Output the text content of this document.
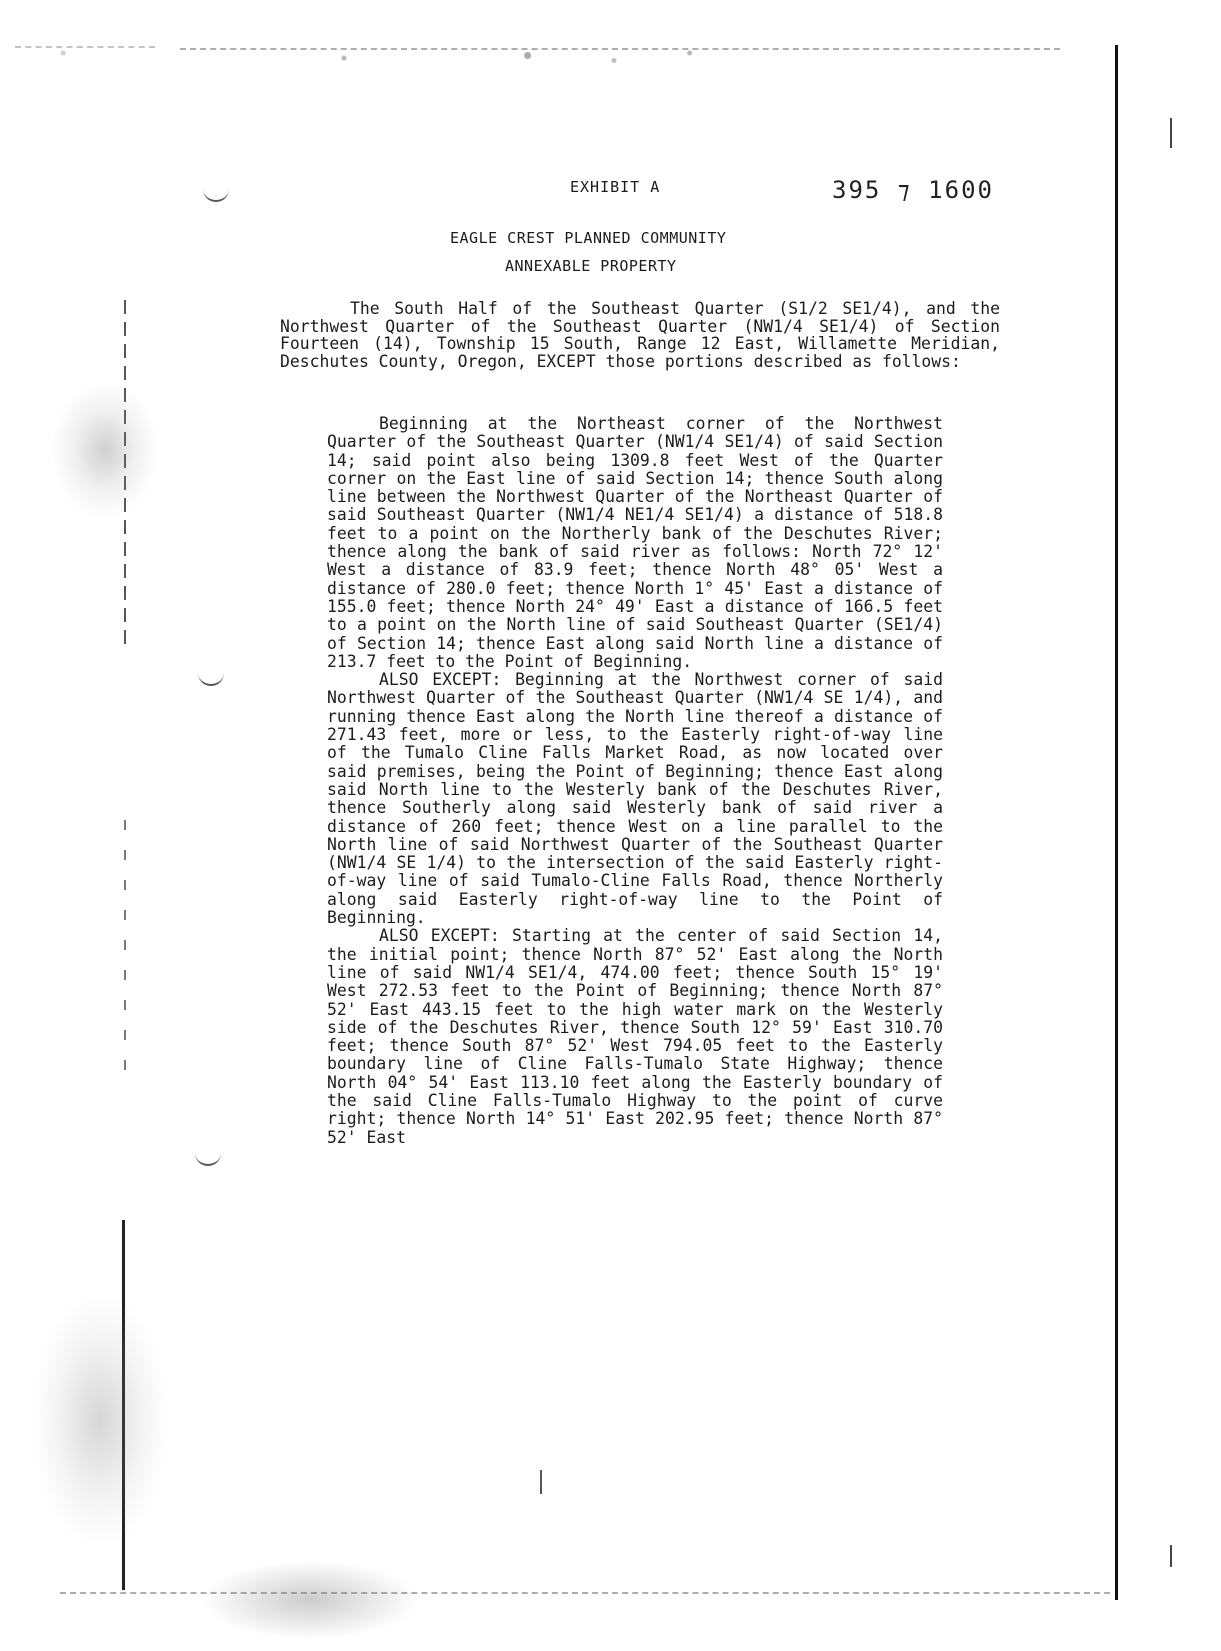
EXHIBIT A	395 ⁊ 1600
EAGLE CREST PLANNED COMMUNITY
ANNEXABLE PROPERTY

The South Half of the Southeast Quarter (S1/2 SE1/4), and the Northwest Quarter of the Southeast Quarter (NW1/4 SE1/4) of Section Fourteen (14), Township 15 South, Range 12 East, Willamette Meridian, Deschutes County, Oregon, EXCEPT those portions described as follows:

Beginning at the Northeast corner of the Northwest Quarter of the Southeast Quarter (NW1/4 SE1/4) of said Section 14; said point also being 1309.8 feet West of the Quarter corner on the East line of said Section 14; thence South along line between the Northwest Quarter of the Northeast Quarter of said Southeast Quarter (NW1/4 NE1/4 SE1/4) a distance of 518.8 feet to a point on the Northerly bank of the Deschutes River; thence along the bank of said river as follows: North 72° 12' West a distance of 83.9 feet; thence North 48° 05' West a distance of 280.0 feet; thence North 1° 45' East a distance of 155.0 feet; thence North 24° 49' East a distance of 166.5 feet to a point on the North line of said Southeast Quarter (SE1/4) of Section 14; thence East along said North line a distance of 213.7 feet to the Point of Beginning.

ALSO EXCEPT: Beginning at the Northwest corner of said Northwest Quarter of the Southeast Quarter (NW1/4 SE 1/4), and running thence East along the North line thereof a distance of 271.43 feet, more or less, to the Easterly right-of-way line of the Tumalo Cline Falls Market Road, as now located over said premises, being the Point of Beginning; thence East along said North line to the Westerly bank of the Deschutes River, thence Southerly along said Westerly bank of said river a distance of 260 feet; thence West on a line parallel to the North line of said Northwest Quarter of the Southeast Quarter (NW1/4 SE 1/4) to the intersection of the said Easterly right-of-way line of said Tumalo-Cline Falls Road, thence Northerly along said Easterly right-of-way line to the Point of Beginning.

ALSO EXCEPT: Starting at the center of said Section 14, the initial point; thence North 87° 52' East along the North line of said NW1/4 SE1/4, 474.00 feet; thence South 15° 19' West 272.53 feet to the Point of Beginning; thence North 87° 52' East 443.15 feet to the high water mark on the Westerly side of the Deschutes River, thence South 12° 59' East 310.70 feet; thence South 87° 52' West 794.05 feet to the Easterly boundary line of Cline Falls-Tumalo State Highway; thence North 04° 54' East 113.10 feet along the Easterly boundary of the said Cline Falls-Tumalo Highway to the point of curve right; thence North 14° 51' East 202.95 feet; thence North 87° 52' East
